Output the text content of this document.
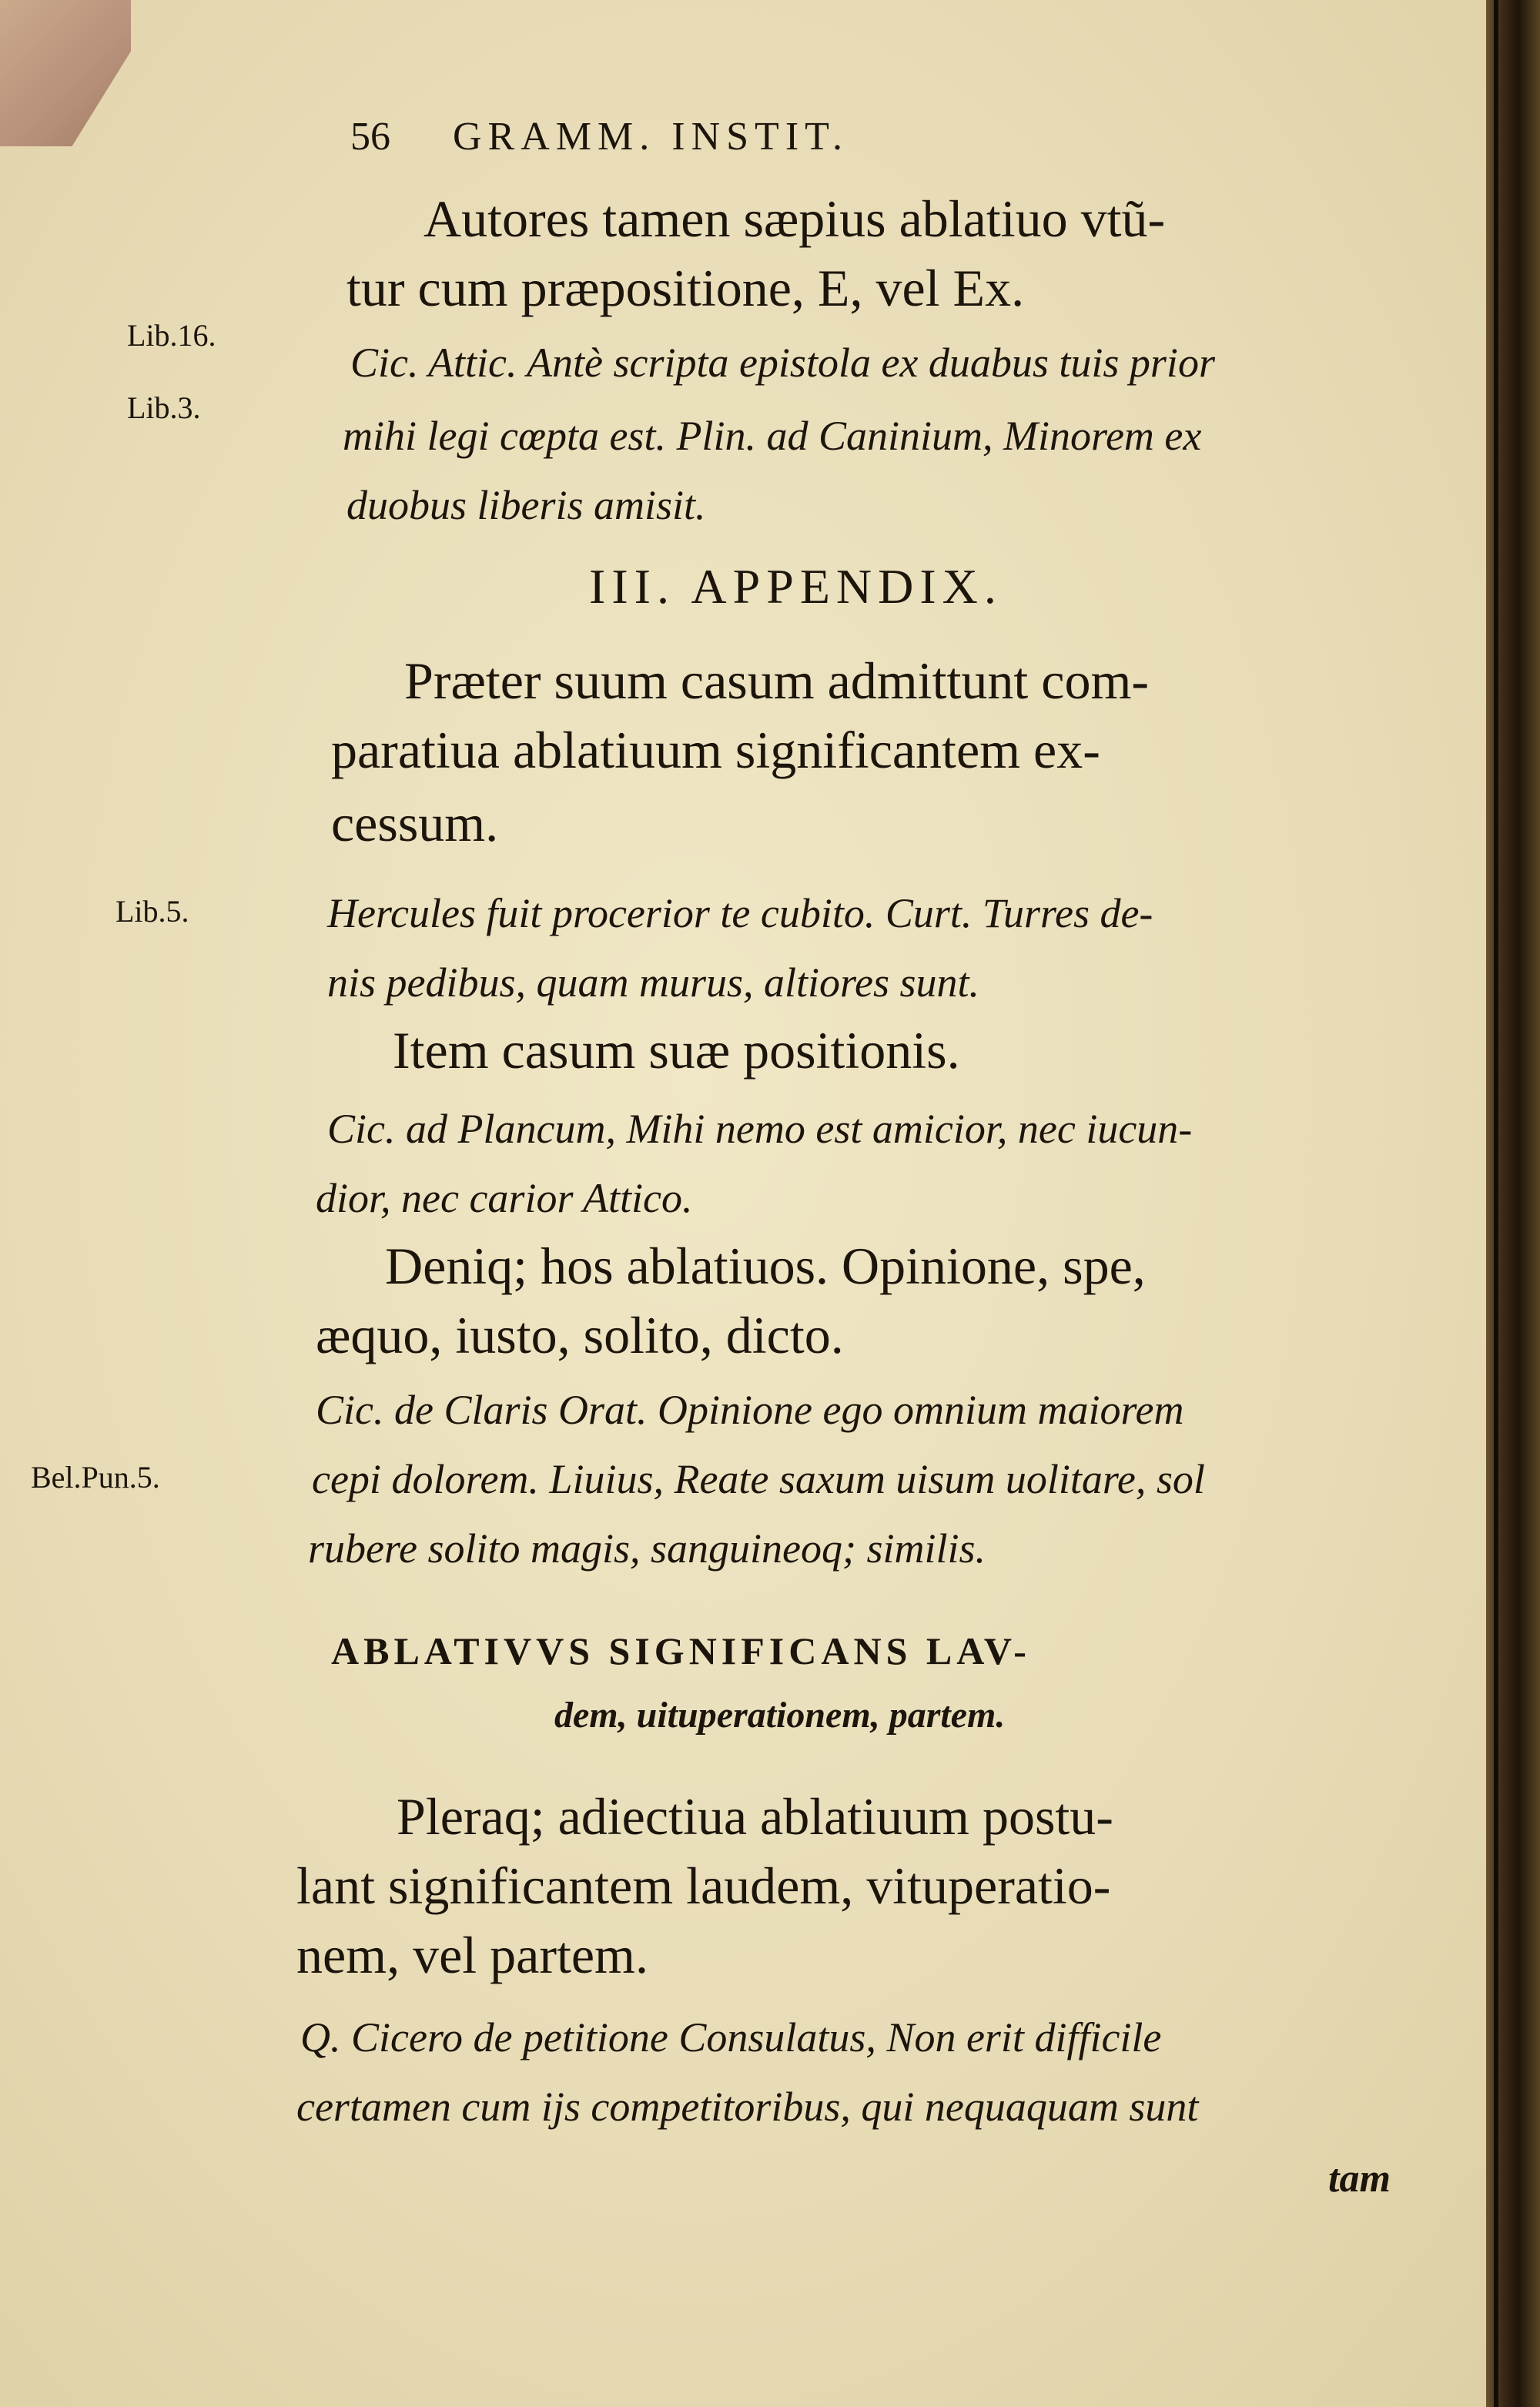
56 GRAMM. INSTIT.
Lib.16.
Lib.3.
Lib.5.
Bel.Pun.5.
Autores tamen sæpius ablatiuo vtũ-
tur cum præpositione, E, vel Ex.
Cic. Attic. Antè scripta epistola ex duabus tuis prior
mihi legi cœpta est. Plin. ad Caninium, Minorem ex
duobus liberis amisit.
III. APPENDIX.
Præter suum casum admittunt com-
paratiua ablatiuum significantem ex-
cessum.
Hercules fuit procerior te cubito. Curt. Turres de-
nis pedibus, quam murus, altiores sunt.
Item casum suæ positionis.
Cic. ad Plancum, Mihi nemo est amicior, nec iucun-
dior, nec carior Attico.
Deniq; hos ablatiuos. Opinione, spe,
æquo, iusto, solito, dicto.
Cic. de Claris Orat. Opinione ego omnium maiorem
cepi dolorem. Liuius, Reate saxum uisum uolitare, sol
rubere solito magis, sanguineoq; similis.
ABLATIVVS SIGNIFICANS LAV-
dem, uituperationem, partem.
Pleraq; adiectiua ablatiuum postu-
lant significantem laudem, vituperatio-
nem, vel partem.
Q. Cicero de petitione Consulatus, Non erit difficile
certamen cum ijs competitoribus, qui nequaquam sunt
tam
